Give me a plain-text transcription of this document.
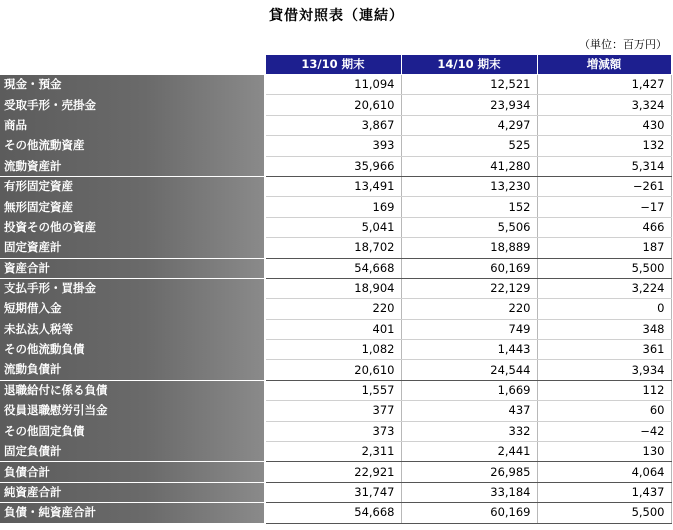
貸借対照表（連結）
（単位：百万円）
	13/10 期末	14/10 期末	増減額
現金・預金	11,094	12,521	1,427
受取手形・売掛金	20,610	23,934	3,324
商品	3,867	4,297	430
その他流動資産	393	525	132
流動資産計	35,966	41,280	5,314
有形固定資産	13,491	13,230	−261
無形固定資産	169	152	−17
投資その他の資産	5,041	5,506	466
固定資産計	18,702	18,889	187
資産合計	54,668	60,169	5,500
支払手形・買掛金	18,904	22,129	3,224
短期借入金	220	220	0
未払法人税等	401	749	348
その他流動負債	1,082	1,443	361
流動負債計	20,610	24,544	3,934
退職給付に係る負債	1,557	1,669	112
役員退職慰労引当金	377	437	60
その他固定負債	373	332	−42
固定負債計	2,311	2,441	130
負債合計	22,921	26,985	4,064
純資産合計	31,747	33,184	1,437
負債・純資産合計	54,668	60,169	5,500
